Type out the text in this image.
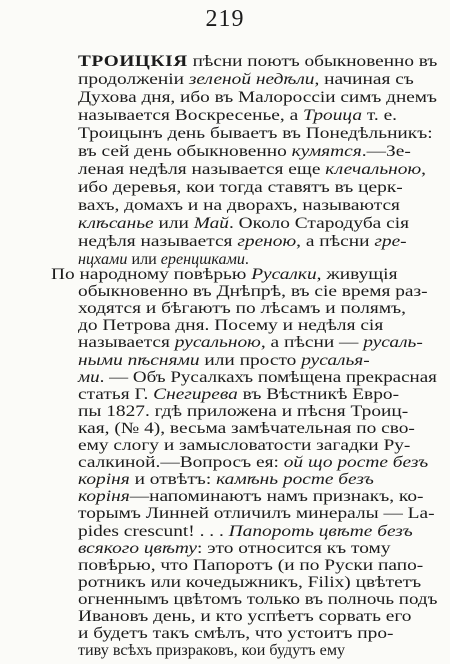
219
ТРОИЦКІЯ пѣсни поютъ обыкновенно въ
продолженіи зеленой недѣли, начиная съ
Духова дня, ибо въ Малороссіи симъ днемъ
называется Воскресенье, а Троица т. е.
Троицынъ день бываетъ въ Понедѣльникъ:
въ сей день обыкновенно кумятся.—Зе-
леная недѣля называется еще клечальною,
ибо деревья, кои тогда ставятъ въ церк-
вахъ, домахъ и на дворахъ, называются
клѣсанье или Май. Около Стародуба сія
недѣля называется греною, а пѣсни гре-
нцхами или еренцшками.
По народному повѣрью Русалки, живущія
обыкновенно въ Днѣпрѣ, въ сіе время раз-
ходятся и бѣгаютъ по лѣсамъ и полямъ,
до Петрова дня. Посему и недѣля сія
называется русальною, а пѣсни — русаль-
ными пѣснями или просто русалья-
ми. — Объ Русалкахъ помѣщена прекрасная
статья Г. Снегирева въ Вѣстникѣ Евро-
пы 1827. гдѣ приложена и пѣсня Троиц-
кая, (№ 4), весьма замѣчательная по сво-
ему слогу и замысловатости загадки Ру-
салкиной.—Вопросъ ея: ой що росте безъ
коріня и отвѣтъ: камѣнь росте безъ
коріня—напоминаютъ намъ признакъ, ко-
торымъ Линней отличилъ минералы — La-
pides crescunt! . . . Папороть цвѣте безъ
всякого цвѣту: это относится къ тому
повѣрью, что Папоротъ (и по Руски папо-
ротникъ или кочедыжникъ, Filix) цвѣтетъ
огненнымъ цвѣтомъ только въ полночь подъ
Ивановъ день, и кто успѣетъ сорвать его
и будетъ такъ смѣлъ, что устоитъ про-
тиву всѣхъ призраковъ, кои будутъ ему
